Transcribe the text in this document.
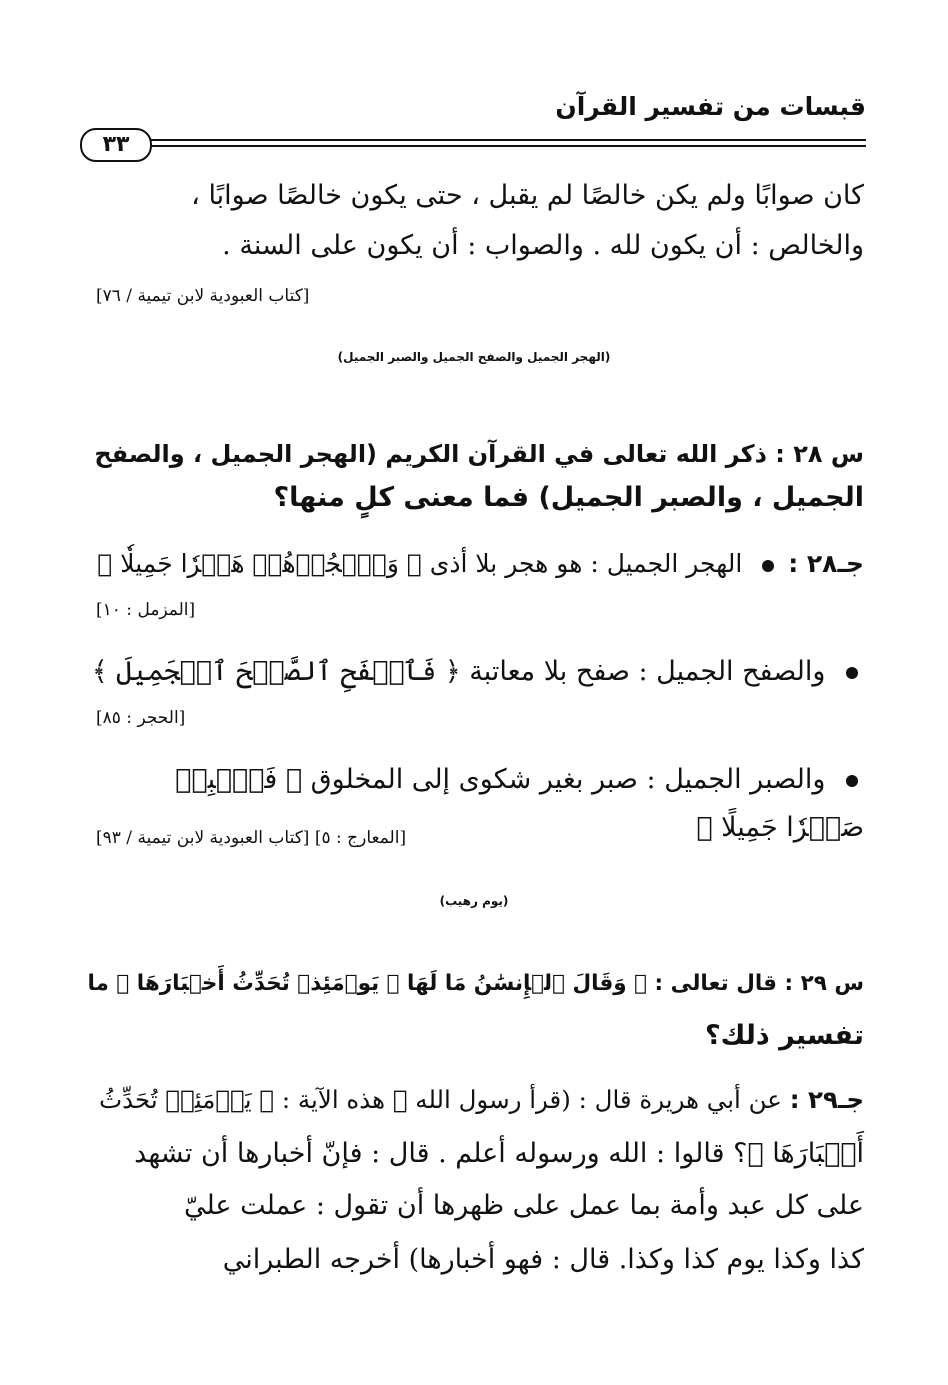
قبسات من تفسير القرآن
٣٣

كان صوابًا ولم يكن خالصًا لم يقبل ، حتى يكون خالصًا صوابًا ،

والخالص : أن يكون لله . والصواب : أن يكون على السنة .

[كتاب العبودية لابن تيمية / ٧٦]

(الهجر الجميل والصفح الجميل والصبر الجميل)

س ٢٨ : ذكر الله تعالى في القرآن الكريم (الهجر الجميل ، والصفح

الجميل ، والصبر الجميل) فما معنى كلٍ منها؟

جـ٢٨ :  الهجر الجميل : هو هجر بلا أذى ﴿ وَٱهۡجُرۡهُمۡ هَجۡرٗا جَمِيلٗا ﴾

[المزمل : ١٠]

والصفح الجميل : صفح بلا معاتبة ﴿ فَٱصۡفَحِ ٱلصَّفۡحَ ٱلۡجَمِيلَ ﴾

[الحجر : ٨٥]

والصبر الجميل : صبر بغير شكوى إلى المخلوق ﴿ فَٱصۡبِرۡ

صَبۡرٗا جَمِيلًا ﴾

[المعارج : ٥] [كتاب العبودية لابن تيمية / ٩٣]

(يوم رهيب)

س ٢٩ : قال تعالى : ﴿ وَقَالَ ٱلۡإِنسَٰنُ مَا لَهَا ۞ يَوۡمَئِذٖ تُحَدِّثُ أَخۡبَارَهَا ﴾ ما

تفسير ذلك؟

جـ٢٩ : عن أبي هريرة قال : (قرأ رسول الله ﷺ هذه الآية : ﴿ يَوۡمَئِذٖ تُحَدِّثُ

أَخۡبَارَهَا ﴾؟ قالوا : الله ورسوله أعلم . قال : فإنّ أخبارها أن تشهد

على كل عبد وأمة بما عمل على ظهرها أن تقول : عملت عليّ

كذا وكذا يوم كذا وكذا. قال : فهو أخبارها) أخرجه الطبراني
